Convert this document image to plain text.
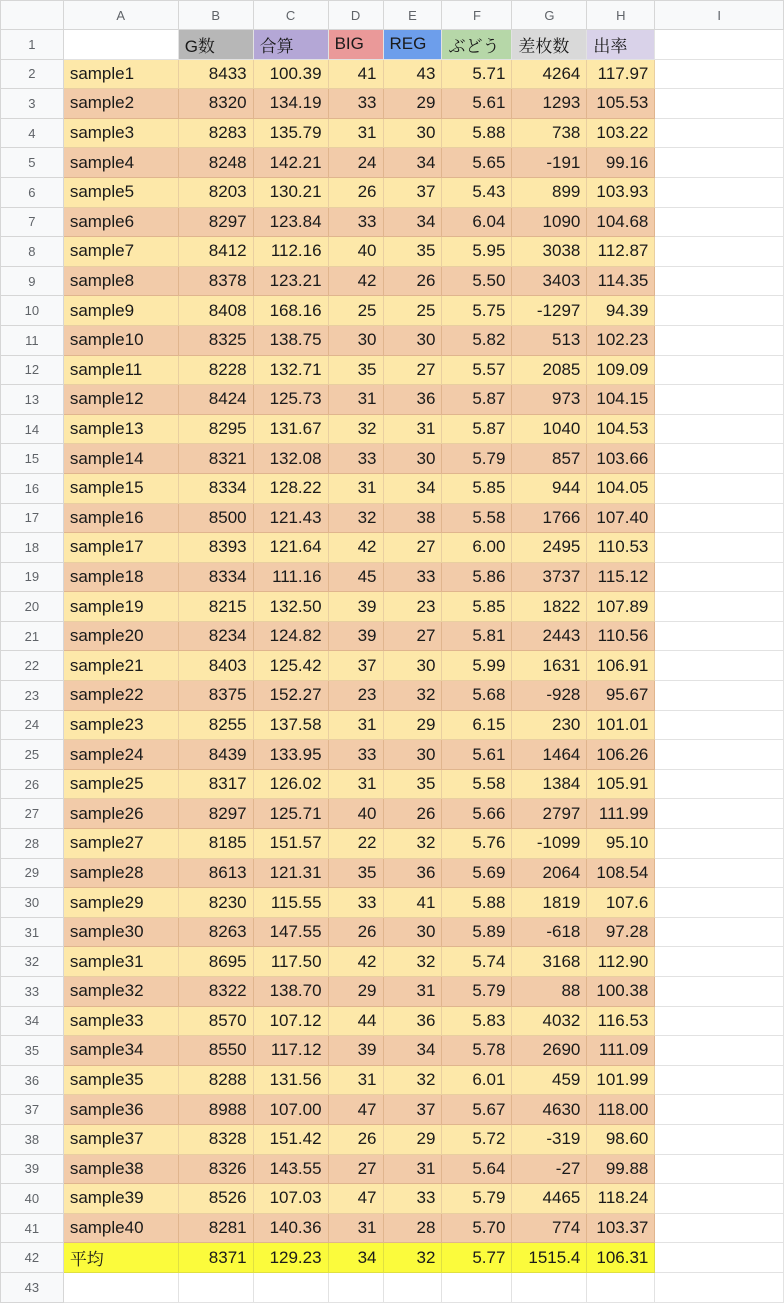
	A	B	C	D	E	F	G	H	I
1		G数	合算	BIG	REG	ぶどう	差枚数	出率	
2	sample1	8433	100.39	41	43	5.71	4264	117.97	
3	sample2	8320	134.19	33	29	5.61	1293	105.53	
4	sample3	8283	135.79	31	30	5.88	738	103.22	
5	sample4	8248	142.21	24	34	5.65	-191	99.16	
6	sample5	8203	130.21	26	37	5.43	899	103.93	
7	sample6	8297	123.84	33	34	6.04	1090	104.68	
8	sample7	8412	112.16	40	35	5.95	3038	112.87	
9	sample8	8378	123.21	42	26	5.50	3403	114.35	
10	sample9	8408	168.16	25	25	5.75	-1297	94.39	
11	sample10	8325	138.75	30	30	5.82	513	102.23	
12	sample11	8228	132.71	35	27	5.57	2085	109.09	
13	sample12	8424	125.73	31	36	5.87	973	104.15	
14	sample13	8295	131.67	32	31	5.87	1040	104.53	
15	sample14	8321	132.08	33	30	5.79	857	103.66	
16	sample15	8334	128.22	31	34	5.85	944	104.05	
17	sample16	8500	121.43	32	38	5.58	1766	107.40	
18	sample17	8393	121.64	42	27	6.00	2495	110.53	
19	sample18	8334	111.16	45	33	5.86	3737	115.12	
20	sample19	8215	132.50	39	23	5.85	1822	107.89	
21	sample20	8234	124.82	39	27	5.81	2443	110.56	
22	sample21	8403	125.42	37	30	5.99	1631	106.91	
23	sample22	8375	152.27	23	32	5.68	-928	95.67	
24	sample23	8255	137.58	31	29	6.15	230	101.01	
25	sample24	8439	133.95	33	30	5.61	1464	106.26	
26	sample25	8317	126.02	31	35	5.58	1384	105.91	
27	sample26	8297	125.71	40	26	5.66	2797	111.99	
28	sample27	8185	151.57	22	32	5.76	-1099	95.10	
29	sample28	8613	121.31	35	36	5.69	2064	108.54	
30	sample29	8230	115.55	33	41	5.88	1819	107.6	
31	sample30	8263	147.55	26	30	5.89	-618	97.28	
32	sample31	8695	117.50	42	32	5.74	3168	112.90	
33	sample32	8322	138.70	29	31	5.79	88	100.38	
34	sample33	8570	107.12	44	36	5.83	4032	116.53	
35	sample34	8550	117.12	39	34	5.78	2690	111.09	
36	sample35	8288	131.56	31	32	6.01	459	101.99	
37	sample36	8988	107.00	47	37	5.67	4630	118.00	
38	sample37	8328	151.42	26	29	5.72	-319	98.60	
39	sample38	8326	143.55	27	31	5.64	-27	99.88	
40	sample39	8526	107.03	47	33	5.79	4465	118.24	
41	sample40	8281	140.36	31	28	5.70	774	103.37	
42	平均	8371	129.23	34	32	5.77	1515.4	106.31	
43									
